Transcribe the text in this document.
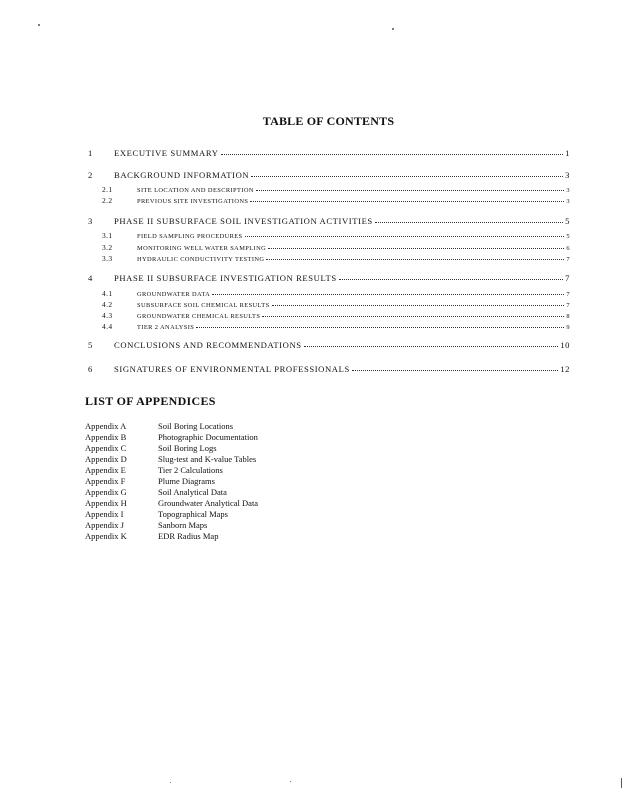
TABLE OF CONTENTS
1 EXECUTIVE SUMMARY	1
2 BACKGROUND INFORMATION	3
2.1	SITE LOCATION AND DESCRIPTION	3
2.2	PREVIOUS SITE INVESTIGATIONS	3
3 PHASE II SUBSURFACE SOIL INVESTIGATION ACTIVITIES	5
3.1	FIELD SAMPLING PROCEDURES	5
3.2	MONITORING WELL WATER SAMPLING	6
3.3	HYDRAULIC CONDUCTIVITY TESTING	7
4 PHASE II SUBSURFACE INVESTIGATION RESULTS	7
4.1	GROUNDWATER DATA	7
4.2	SUBSURFACE SOIL CHEMICAL RESULTS	7
4.3	GROUNDWATER CHEMICAL RESULTS	8
4.4	TIER 2 ANALYSIS	9
5 CONCLUSIONS AND RECOMMENDATIONS	10
6 SIGNATURES OF ENVIRONMENTAL PROFESSIONALS	12
LIST OF APPENDICES
Appendix A	Soil Boring Locations
Appendix B	Photographic Documentation
Appendix C	Soil Boring Logs
Appendix D	Slug-test and K-value Tables
Appendix E	Tier 2 Calculations
Appendix F	Plume Diagrams
Appendix G	Soil Analytical Data
Appendix H	Groundwater Analytical Data
Appendix I	Topographical Maps
Appendix J	Sanborn Maps
Appendix K	EDR Radius Map
